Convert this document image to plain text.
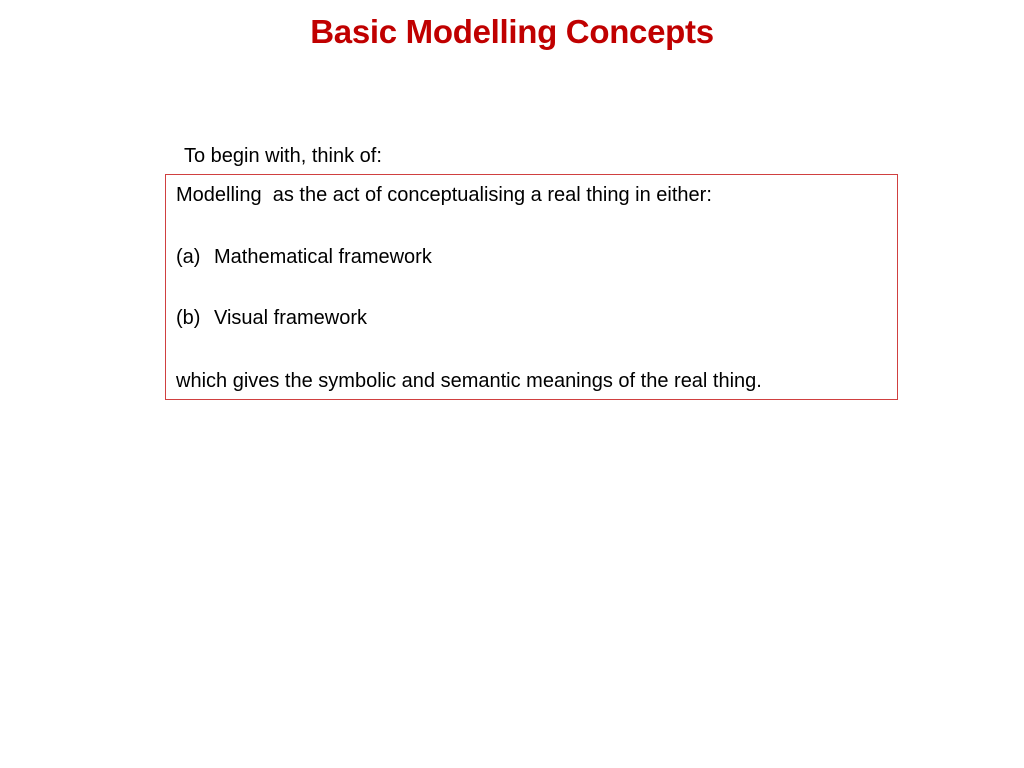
Basic Modelling Concepts
To begin with, think of:
Modelling  as the act of conceptualising a real thing in either:
(a) Mathematical framework
(b) Visual framework
which gives the symbolic and semantic meanings of the real thing.
